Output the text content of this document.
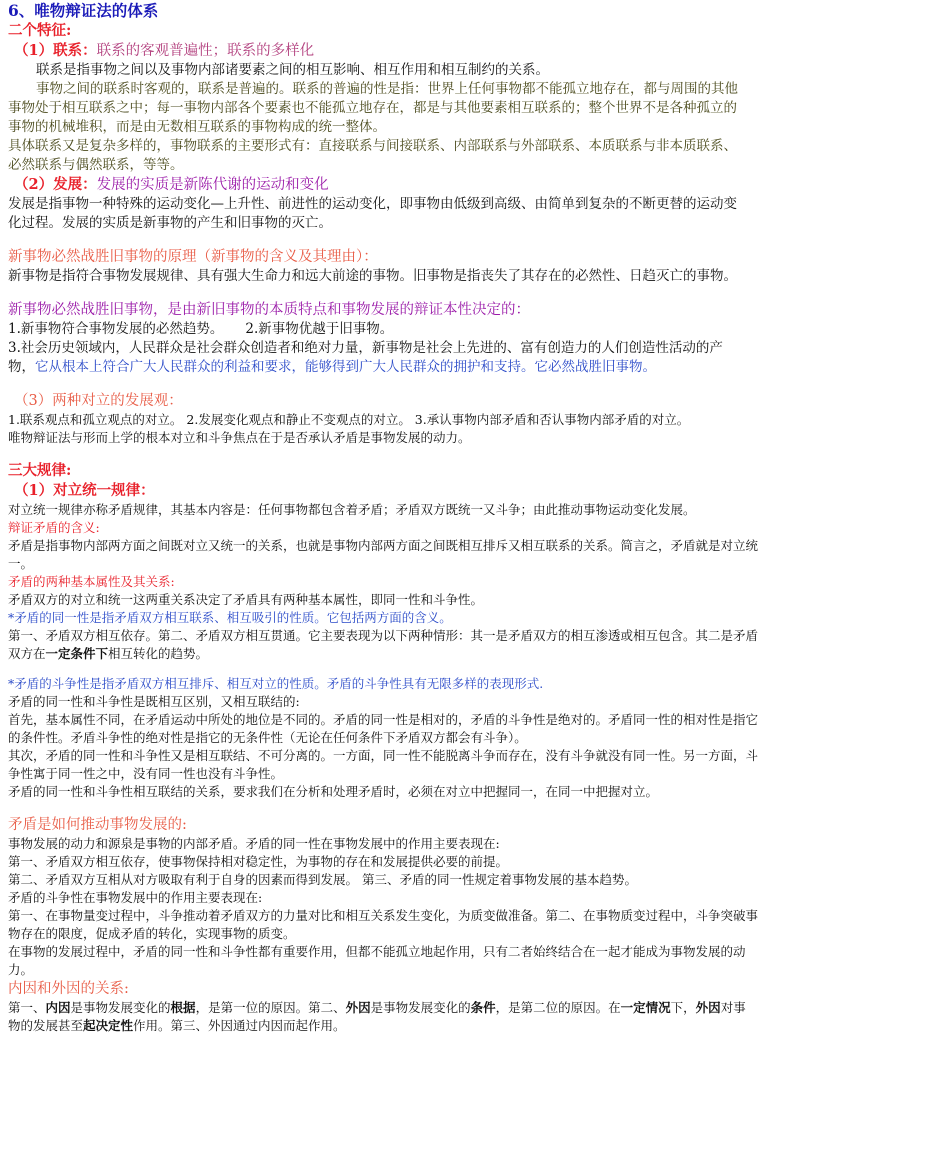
6、唯物辩证法的体系
二个特征:
（1）联系：联系的客观普遍性；联系的多样化
联系是指事物之间以及事物内部诸要素之间的相互影响、相互作用和相互制约的关系。
事物之间的联系时客观的，联系是普遍的。联系的普遍的性是指：世界上任何事物都不能孤立地存在，都与周围的其他
事物处于相互联系之中；每一事物内部各个要素也不能孤立地存在，都是与其他要素相互联系的；整个世界不是各种孤立的
事物的机械堆积，而是由无数相互联系的事物构成的统一整体。
具体联系又是复杂多样的，事物联系的主要形式有：直接联系与间接联系、内部联系与外部联系、本质联系与非本质联系、
必然联系与偶然联系，等等。
（2）发展：发展的实质是新陈代谢的运动和变化
发展是指事物一种特殊的运动变化—上升性、前进性的运动变化，即事物由低级到高级、由简单到复杂的不断更替的运动变
化过程。发展的实质是新事物的产生和旧事物的灭亡。
新事物必然战胜旧事物的原理（新事物的含义及其理由）：
新事物是指符合事物发展规律、具有强大生命力和远大前途的事物。旧事物是指丧失了其存在的必然性、日趋灭亡的事物。
新事物必然战胜旧事物，是由新旧事物的本质特点和事物发展的辩证本性决定的：
1.新事物符合事物发展的必然趋势。 2.新事物优越于旧事物。
3.社会历史领域内，人民群众是社会群众创造者和绝对力量，新事物是社会上先进的、富有创造力的人们创造性活动的产
物，它从根本上符合广大人民群众的利益和要求，能够得到广大人民群众的拥护和支持。它必然战胜旧事物。
（3）两种对立的发展观：
1.联系观点和孤立观点的对立。 2.发展变化观点和静止不变观点的对立。 3.承认事物内部矛盾和否认事物内部矛盾的对立。
唯物辩证法与形而上学的根本对立和斗争焦点在于是否承认矛盾是事物发展的动力。
三大规律:
（1）对立统一规律：
对立统一规律亦称矛盾规律，其基本内容是：任何事物都包含着矛盾；矛盾双方既统一又斗争；由此推动事物运动变化发展。
辩证矛盾的含义:
矛盾是指事物内部两方面之间既对立又统一的关系，也就是事物内部两方面之间既相互排斥又相互联系的关系。简言之，矛盾就是对立统
一。
矛盾的两种基本属性及其关系:
矛盾双方的对立和统一这两重关系决定了矛盾具有两种基本属性，即同一性和斗争性。
*矛盾的同一性是指矛盾双方相互联系、相互吸引的性质。它包括两方面的含义。
第一、矛盾双方相互依存。第二、矛盾双方相互贯通。它主要表现为以下两种情形：其一是矛盾双方的相互渗透或相互包含。其二是矛盾
双方在一定条件下相互转化的趋势。
*矛盾的斗争性是指矛盾双方相互排斥、相互对立的性质。矛盾的斗争性具有无限多样的表现形式.
矛盾的同一性和斗争性是既相互区别，又相互联结的:
首先，基本属性不同，在矛盾运动中所处的地位是不同的。矛盾的同一性是相对的，矛盾的斗争性是绝对的。矛盾同一性的相对性是指它
的条件性。矛盾斗争性的绝对性是指它的无条件性（无论在任何条件下矛盾双方都会有斗争）。
其次，矛盾的同一性和斗争性又是相互联结、不可分离的。一方面，同一性不能脱离斗争而存在，没有斗争就没有同一性。另一方面，斗
争性寓于同一性之中，没有同一性也没有斗争性。
矛盾的同一性和斗争性相互联结的关系，要求我们在分析和处理矛盾时，必须在对立中把握同一，在同一中把握对立。
矛盾是如何推动事物发展的:
事物发展的动力和源泉是事物的内部矛盾。矛盾的同一性在事物发展中的作用主要表现在:
第一、矛盾双方相互依存，使事物保持相对稳定性，为事物的存在和发展提供必要的前提。
第二、矛盾双方互相从对方吸取有利于自身的因素而得到发展。 第三、矛盾的同一性规定着事物发展的基本趋势。
矛盾的斗争性在事物发展中的作用主要表现在:
第一、在事物量变过程中，斗争推动着矛盾双方的力量对比和相互关系发生变化，为质变做准备。第二、在事物质变过程中，斗争突破事
物存在的限度，促成矛盾的转化，实现事物的质变。
在事物的发展过程中，矛盾的同一性和斗争性都有重要作用，但都不能孤立地起作用，只有二者始终结合在一起才能成为事物发展的动
力。
内因和外因的关系:
第一、内因是事物发展变化的根据，是第一位的原因。第二、外因是事物发展变化的条件，是第二位的原因。在一定情况下，外因对事
物的发展甚至起决定性作用。第三、外因通过内因而起作用。
